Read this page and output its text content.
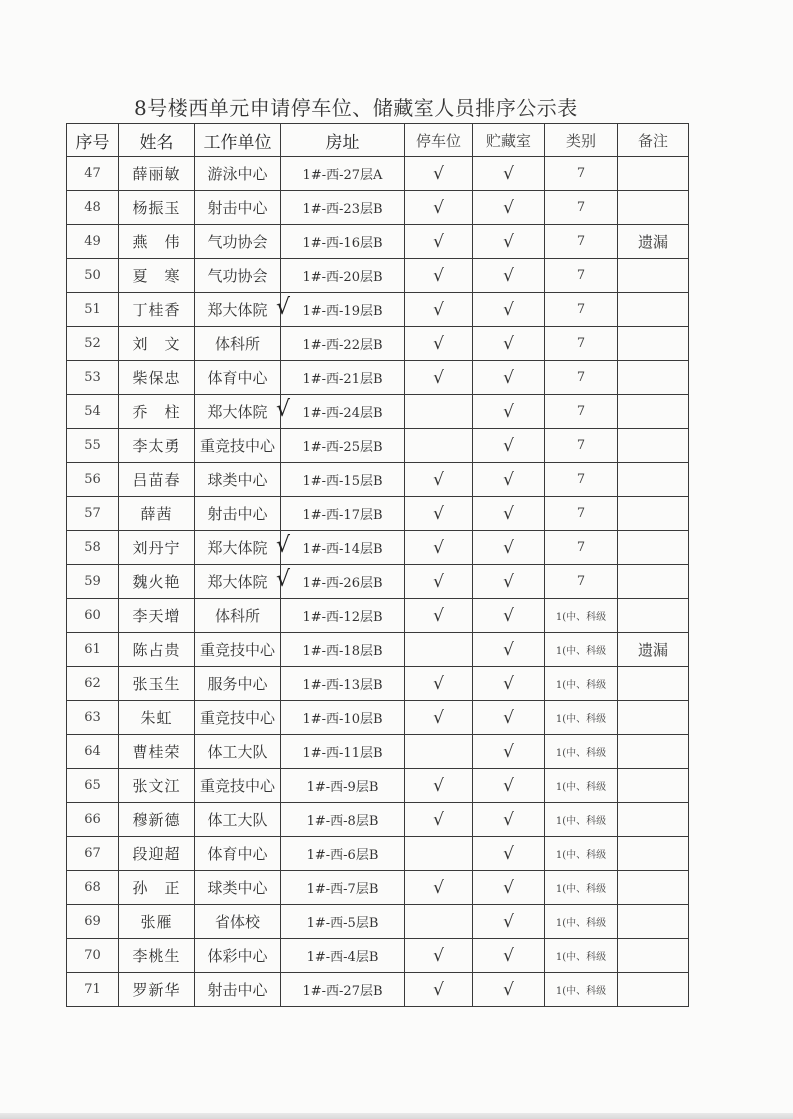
8号楼西单元申请停车位、储藏室人员排序公示表
序号	姓名	工作单位	房址	停车位	贮藏室	类别	备注
47	薛丽敏	游泳中心	1#-西-27层A	√	√	7	
48	杨振玉	射击中心	1#-西-23层B	√	√	7	
49	燕　伟	气功协会	1#-西-16层B	√	√	7	遗漏
50	夏　寒	气功协会	1#-西-20层B	√	√	7	
51	丁桂香	郑大体院 √	1#-西-19层B	√	√	7	
52	刘　文	体科所	1#-西-22层B	√	√	7	
53	柴保忠	体育中心	1#-西-21层B	√	√	7	
54	乔　柱	郑大体院 √	1#-西-24层B		√	7	
55	李太勇	重竞技中心	1#-西-25层B		√	7	
56	吕苗春	球类中心	1#-西-15层B	√	√	7	
57	薛茜	射击中心	1#-西-17层B	√	√	7	
58	刘丹宁	郑大体院 √	1#-西-14层B	√	√	7	
59	魏火艳	郑大体院 √	1#-西-26层B	√	√	7	
60	李天增	体科所	1#-西-12层B	√	√	1(中、科级	
61	陈占贵	重竞技中心	1#-西-18层B		√	1(中、科级	遗漏
62	张玉生	服务中心	1#-西-13层B	√	√	1(中、科级	
63	朱虹	重竞技中心	1#-西-10层B	√	√	1(中、科级	
64	曹桂荣	体工大队	1#-西-11层B		√	1(中、科级	
65	张文江	重竞技中心	1#-西-9层B	√	√	1(中、科级	
66	穆新德	体工大队	1#-西-8层B	√	√	1(中、科级	
67	段迎超	体育中心	1#-西-6层B		√	1(中、科级	
68	孙　正	球类中心	1#-西-7层B	√	√	1(中、科级	
69	张雁	省体校	1#-西-5层B		√	1(中、科级	
70	李桃生	体彩中心	1#-西-4层B	√	√	1(中、科级	
71	罗新华	射击中心	1#-西-27层B	√	√	1(中、科级	
